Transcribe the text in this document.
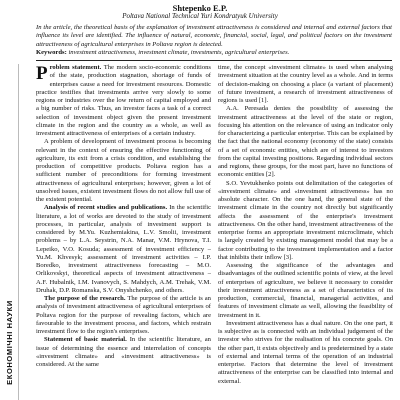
Shtepenko E.P.
Poltava National Technical Yuri Kondratyuk University
In the article, the theoretical basis of the explanation of investment attractiveness is considered and internal and external factors that influence its level are identified. The influence of natural, economic, financial, social, legal, and political factors on the investment attractiveness of agricultural enterprises in Poltava region is detected.
Keywords: investment attractiveness, investment climate, investments, agricultural enterprises.
ЕКОНОМІЧНІ НАУКИ

Problem statement. The modern socio-economic conditions of the state, production stagnation, shortage of funds of enterprises cause a need for investment resources. Domestic practice testifies that investments arrive very slowly to some regions or industries over the low return of capital employed and a big number of risks. Thus, an investor faces a task of a correct selection of investment object given the present investment climate in the region and the country as a whole, as well as investment attractiveness of enterprises of a certain industry.

A problem of development of investment process is becoming relevant in the context of ensuring the effective functioning of agriculture, its exit from a crisis condition, and establishing the production of competitive products. Poltava region has a sufficient number of preconditions for forming investment attractiveness of agricultural enterprises; however, given a lot of unsolved issues, existent investment flows do not allow full use of the existent potential.

Analysis of recent studies and publications. In the scientific literature, a lot of works are devoted to the study of investment processes, in particular, analysis of investment support is considered by M.Yu. Kuzhemiakina, L.V. Smolii, investment problems – by L.A. Seystrin, N.A. Manar, V.M. Hrynova, T.I. Lepeiko, V.O. Kosuda; assessment of investment efficiency – Yu.M. Khvesyk; assessment of investment activities – I.P. Boredko, investment attractiveness forecasting – M.O. Orlikovskyi, theoretical aspects of investment attractiveness – A.F. Hubalnik, I.M. Ivanovych, S. Mahdych, A.M. Trehak, V.M. Druhak, D.P. Romanska, S.V. Onyshchenko, and others.

The purpose of the research. The purpose of the article is an analysis of investment attractiveness of agricultural enterprises of Poltava region for the purpose of revealing factors, which are favourable to the investment process, and factors, which restrain investment flow to the region's enterprises.

Statement of basic material. In the scientific literature, an issue of determining the essence and interrelation of concepts «investment climate» and «investment attractiveness» is considered. At the same

time, the concept «investment climate» is used when analysing investment situation at the country level as a whole. And in terms of decision-making on choosing a place (a variant of placement) of future investment, a research of investment attractiveness of regions is used [1].

A.A. Peresada denies the possibility of assessing the investment attractiveness at the level of the state or region, focusing his attention on the relevance of using an indicator only for characterizing a particular enterprise. This can be explained by the fact that the national economy (economy of the state) consists of a set of economic entities, which are of interest to investors from the capital investing positions. Regarding individual sectors and regions, these groups, for the most part, have no functions of economic entities [2].

S.O. Yevtukhenko points out delimitation of the categories of «investment climate» and «investment attractiveness» has no absolute character. On the one hand, the general state of the investment climate in the country not directly but significantly affects the assessment of the enterprise's investment attractiveness. On the other hand, investment attractiveness of the enterprise forms an appropriate investment microclimate, which is largely created by existing management model that may be a factor contributing to the investment implementation and a factor that inhibits their inflow [3].

Assessing the significance of the advantages and disadvantages of the outlined scientific points of view, at the level of enterprises of agriculture, we believe it necessary to consider their investment attractiveness as a set of characteristics of its production, commercial, financial, managerial activities, and features of investment climate as well, allowing the feasibility of investment in it.

Investment attractiveness has a dual nature. On the one part, it is subjective as is connected with an individual judgement of the investor who strives for the realisation of his concrete goals. On the other part, it exists objectively and is predetermined by a state of external and internal terms of the operation of an industrial enterprise. Factors that determine the level of investment attractiveness of the enterprise can be classified into internal and external.
